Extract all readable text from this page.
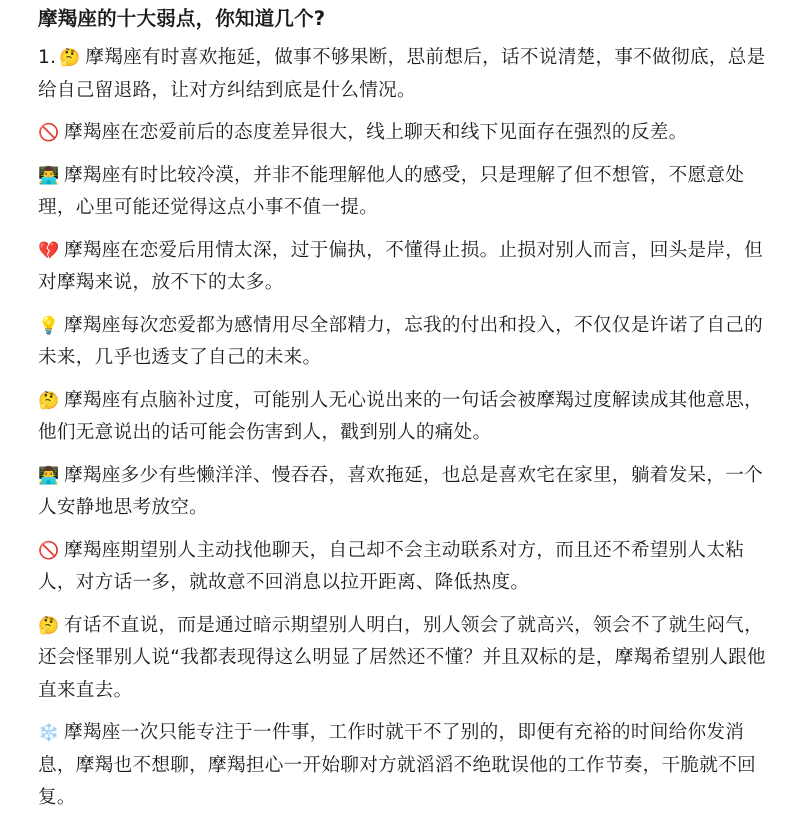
摩羯座的十大弱点，你知道几个?
1. 🤔 摩羯座有时喜欢拖延，做事不够果断，思前想后，话不说清楚，事不做彻底，总是给自己留退路，让对方纠结到底是什么情况。
🚫 摩羯座在恋爱前后的态度差异很大，线上聊天和线下见面存在强烈的反差。
👨‍💻 摩羯座有时比较冷漠，并非不能理解他人的感受，只是理解了但不想管，不愿意处理，心里可能还觉得这点小事不值一提。
💔 摩羯座在恋爱后用情太深，过于偏执，不懂得止损。止损对别人而言，回头是岸，但对摩羯来说，放不下的太多。
💡 摩羯座每次恋爱都为感情用尽全部精力，忘我的付出和投入，不仅仅是许诺了自己的未来，几乎也透支了自己的未来。
🤔 摩羯座有点脑补过度，可能别人无心说出来的一句话会被摩羯过度解读成其他意思，他们无意说出的话可能会伤害到人，戳到别人的痛处。
👨‍💻 摩羯座多少有些懒洋洋、慢吞吞，喜欢拖延，也总是喜欢宅在家里，躺着发呆，一个人安静地思考放空。
🚫 摩羯座期望别人主动找他聊天，自己却不会主动联系对方，而且还不希望别人太粘人，对方话一多，就故意不回消息以拉开距离、降低热度。
🤔 有话不直说，而是通过暗示期望别人明白，别人领会了就高兴，领会不了就生闷气，还会怪罪别人说“我都表现得这么明显了居然还不懂？并且双标的是，摩羯希望别人跟他直来直去。
❄️ 摩羯座一次只能专注于一件事，工作时就干不了别的，即便有充裕的时间给你发消息，摩羯也不想聊，摩羯担心一开始聊对方就滔滔不绝耽误他的工作节奏，干脆就不回复。
